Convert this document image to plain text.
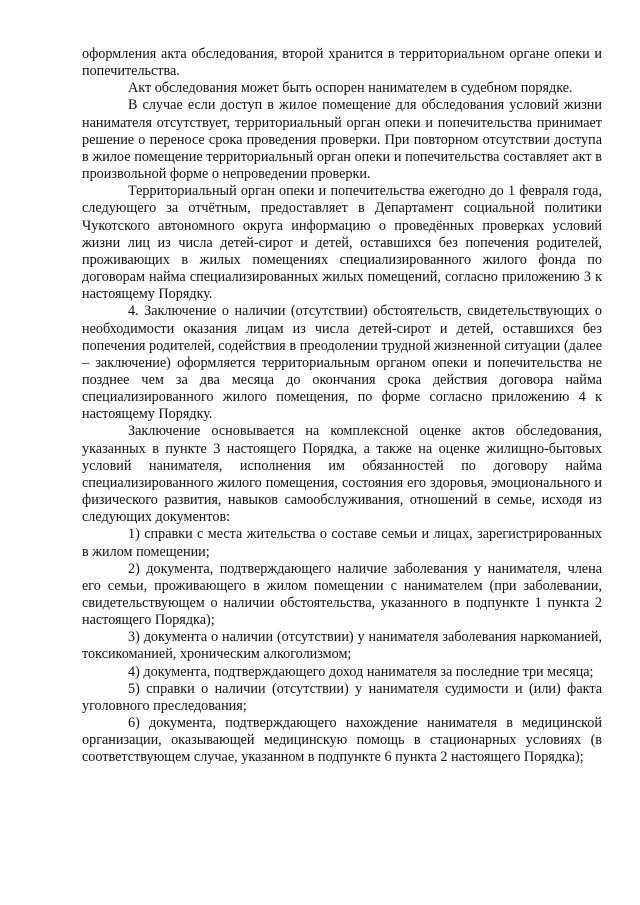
оформления акта обследования, второй хранится в территориальном органе опеки и попечительства.

Акт обследования может быть оспорен нанимателем в судебном порядке.

В случае если доступ в жилое помещение для обследования условий жизни нанимателя отсутствует, территориальный орган опеки и попечительства принимает решение о переносе срока проведения проверки. При повторном отсутствии доступа в жилое помещение территориальный орган опеки и попечительства составляет акт в произвольной форме о непроведении проверки.

Территориальный орган опеки и попечительства ежегодно до 1 февраля года, следующего за отчётным, предоставляет в Департамент социальной политики Чукотского автономного округа информацию о проведённых проверках условий жизни лиц из числа детей-сирот и детей, оставшихся без попечения родителей, проживающих в жилых помещениях специализированного жилого фонда по договорам найма специализированных жилых помещений, согласно приложению 3 к настоящему Порядку.

4. Заключение о наличии (отсутствии) обстоятельств, свидетельствующих о необходимости оказания лицам из числа детей-сирот и детей, оставшихся без попечения родителей, содействия в преодолении трудной жизненной ситуации (далее – заключение) оформляется территориальным органом опеки и попечительства не позднее чем за два месяца до окончания срока действия договора найма специализированного жилого помещения, по форме согласно приложению 4 к настоящему Порядку.

Заключение основывается на комплексной оценке актов обследования, указанных в пункте 3 настоящего Порядка, а также на оценке жилищно-бытовых условий нанимателя, исполнения им обязанностей по договору найма специализированного жилого помещения, состояния его здоровья, эмоционального и физического развития, навыков самообслуживания, отношений в семье, исходя из следующих документов:

1) справки с места жительства о составе семьи и лицах, зарегистрированных в жилом помещении;

2) документа, подтверждающего наличие заболевания у нанимателя, члена его семьи, проживающего в жилом помещении с нанимателем (при заболевании, свидетельствующем о наличии обстоятельства, указанного в подпункте 1 пункта 2 настоящего Порядка);

3) документа о наличии (отсутствии) у нанимателя заболевания наркоманией, токсикоманией, хроническим алкоголизмом;

4) документа, подтверждающего доход нанимателя за последние три месяца;

5) справки о наличии (отсутствии) у нанимателя судимости и (или) факта уголовного преследования;

6) документа, подтверждающего нахождение нанимателя в медицинской организации, оказывающей медицинскую помощь в стационарных условиях (в соответствующем случае, указанном в подпункте 6 пункта 2 настоящего Порядка);
